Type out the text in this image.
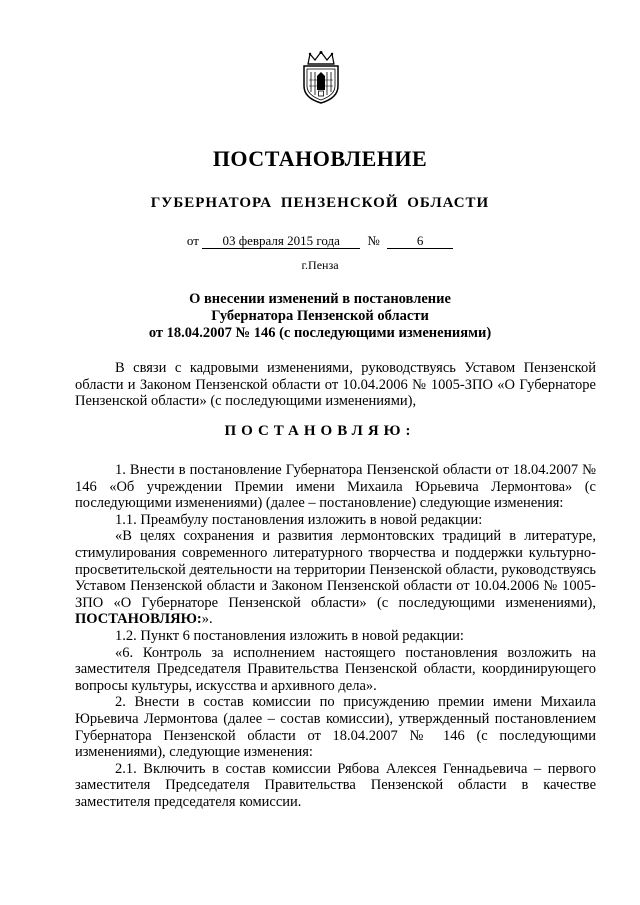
ПОСТАНОВЛЕНИЕ
ГУБЕРНАТОРА ПЕНЗЕНСКОЙ ОБЛАСТИ
от 03 февраля 2015 года №	6
г.Пенза
О внесении изменений в постановление
Губернатора Пензенской области
от 18.04.2007 № 146 (с последующими изменениями)

В связи с кадровыми изменениями, руководствуясь Уставом Пензенской области и Законом Пензенской области от 10.04.2006 № 1005-ЗПО «О Губернаторе Пензенской области» (с последующими изменениями),

ПОСТАНОВЛЯЮ:

1. Внести в постановление Губернатора Пензенской области от 18.04.2007 № 146 «Об учреждении Премии имени Михаила Юрьевича Лермонтова» (с последующими изменениями) (далее – постановление) следующие изменения:

1.1. Преамбулу постановления изложить в новой редакции:

«В целях сохранения и развития лермонтовских традиций в литературе, стимулирования современного литературного творчества и поддержки культурно-просветительской деятельности на территории Пензенской области, руководствуясь Уставом Пензенской области и Законом Пензенской области от 10.04.2006 № 1005-ЗПО «О Губернаторе Пензенской области» (с последующими изменениями), ПОСТАНОВЛЯЮ:».

1.2. Пункт 6 постановления изложить в новой редакции:

«6. Контроль за исполнением настоящего постановления возложить на заместителя Председателя Правительства Пензенской области, координирующего вопросы культуры, искусства и архивного дела».

2. Внести в состав комиссии по присуждению премии имени Михаила Юрьевича Лермонтова (далее – состав комиссии), утвержденный постановлением Губернатора Пензенской области от 18.04.2007 № 146 (с последующими изменениями), следующие изменения:

2.1. Включить в состав комиссии Рябова Алексея Геннадьевича – первого заместителя Председателя Правительства Пензенской области в качестве заместителя председателя комиссии.
